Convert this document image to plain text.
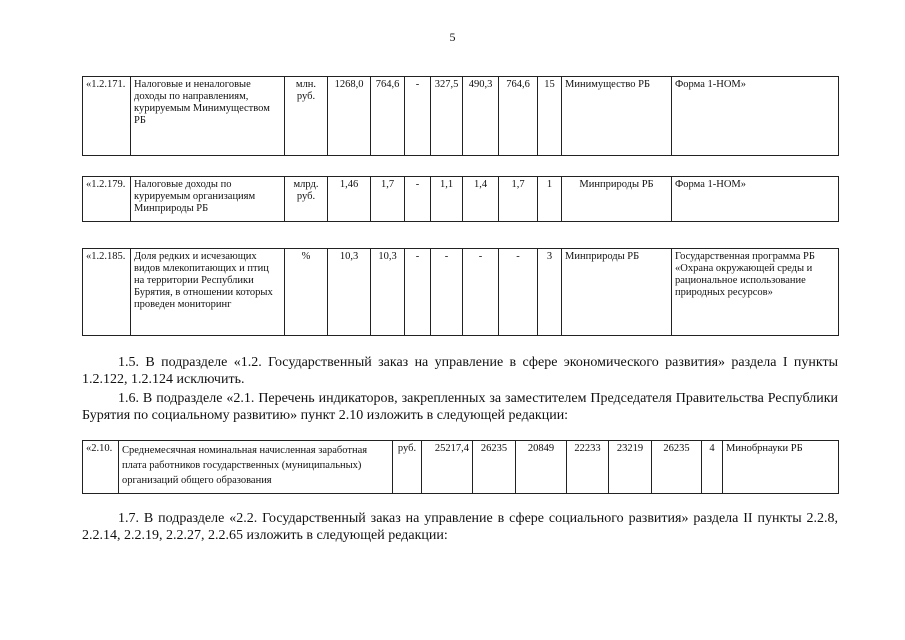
5
«1.2.171.	Налоговые и неналоговые доходы по направлениям, курируемым Минимуществом РБ	млн. руб.	1268,0	764,6	-	327,5	490,3	764,6	15	Минимущество РБ	Форма 1-НОМ»
«1.2.179.	Налоговые доходы по курируемым организациям Минприроды РБ	млрд. руб.	1,46	1,7	-	1,1	1,4	1,7	1	Минприроды РБ	Форма 1-НОМ»
«1.2.185.	Доля редких и исчезающих видов млекопитающих и птиц на территории Республики Бурятия, в отношении которых проведен мониторинг	%	10,3	10,3	-	-	-	-	3	Минприроды РБ	Государственная программа РБ «Охрана окружающей среды и рациональное использование природных ресурсов»

1.5. В подразделе «1.2. Государственный заказ на управление в сфере экономического развития» раздела I пункты 1.2.122, 1.2.124 исключить.

1.6. В подразделе «2.1. Перечень индикаторов, закрепленных за заместителем Председателя Правительства Республики Бурятия по социальному развитию» пункт 2.10 изложить в следующей редакции:

«2.10.	Среднемесячная номинальная начисленная заработная плата работников государственных (муниципальных) организаций общего образования	руб.	25217,4	26235	20849	22233	23219	26235	4	Минобрнауки РБ

1.7. В подразделе «2.2. Государственный заказ на управление в сфере социального развития» раздела II пункты 2.2.8, 2.2.14, 2.2.19, 2.2.27, 2.2.65 изложить в следующей редакции:
